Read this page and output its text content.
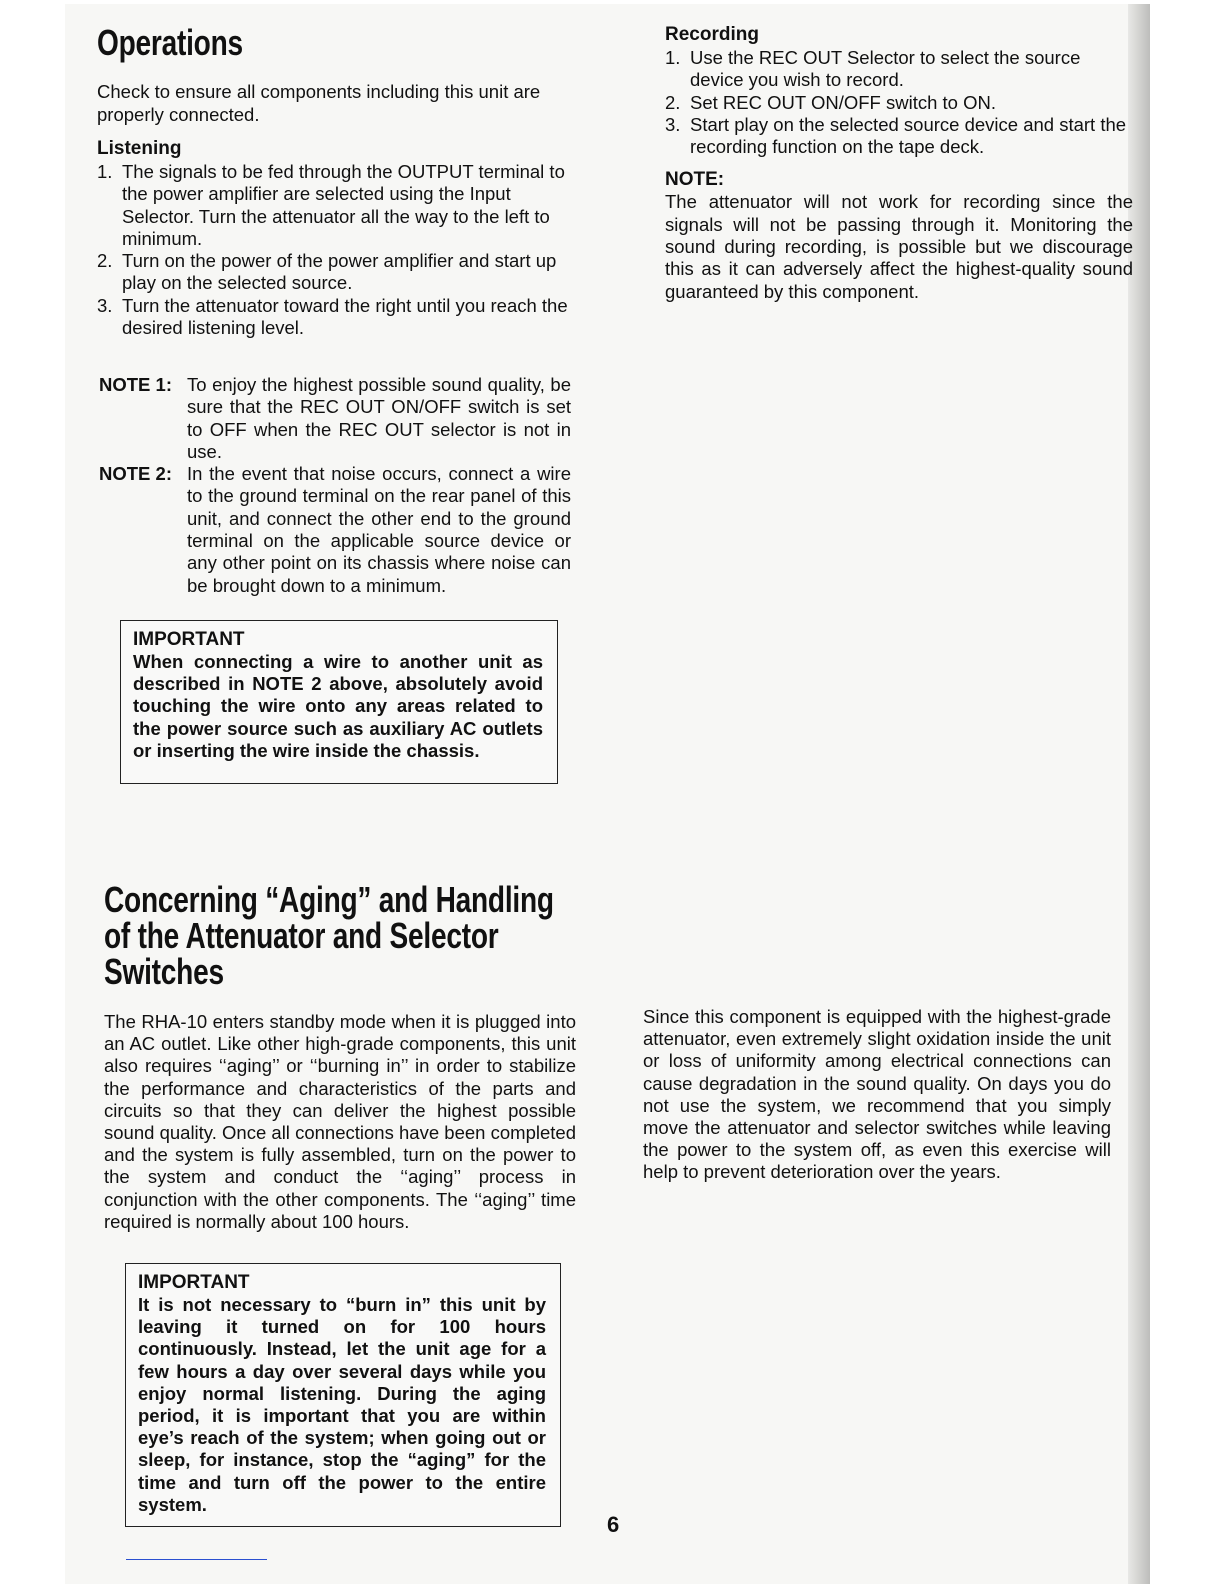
Operations

Check to ensure all components including this unit are properly connected.

Listening
1. The signals to be fed through the OUTPUT terminal to the power amplifier are selected using the Input Selector. Turn the attenuator all the way to the left to minimum.
2. Turn on the power of the power amplifier and start up play on the selected source.
3. Turn the attenuator toward the right until you reach the desired listening level.
NOTE 1: To enjoy the highest possible sound quality, be sure that the REC OUT ON/OFF switch is set to OFF when the REC OUT selector is not in use.
NOTE 2: In the event that noise occurs, connect a wire to the ground terminal on the rear panel of this unit, and connect the other end to the ground terminal on the applicable source device or any other point on its chassis where noise can be brought down to a minimum.
IMPORTANT
When connecting a wire to another unit as described in NOTE 2 above, absolutely avoid touching the wire onto any areas related to the power source such as auxiliary AC outlets or inserting the wire inside the chassis.
Recording
1. Use the REC OUT Selector to select the source device you wish to record.
2. Set REC OUT ON/OFF switch to ON.
3. Start play on the selected source device and start the recording function on the tape deck.
NOTE:

The attenuator will not work for recording since the signals will not be passing through it. Monitoring the sound during recording, is possible but we discourage this as it can adversely affect the highest-quality sound guaranteed by this component.

Concerning “Aging” and Handling
of the Attenuator and Selector
Switches

The RHA-10 enters standby mode when it is plugged into an AC outlet. Like other high-grade components, this unit also requires ‘‘aging’’ or ‘‘burning in’’ in order to stabilize the performance and characteristics of the parts and circuits so that they can deliver the highest possible sound quality. Once all connections have been completed and the system is fully assembled, turn on the power to the system and conduct the ‘‘aging’’ process in conjunction with the other components. The ‘‘aging’’ time required is normally about 100 hours.

Since this component is equipped with the highest-grade attenuator, even extremely slight oxidation inside the unit or loss of uniformity among electrical connections can cause degradation in the sound quality. On days you do not use the system, we recommend that you simply move the attenuator and selector switches while leaving the power to the system off, as even this exercise will help to prevent deterioration over the years.

IMPORTANT
It is not necessary to “burn in” this unit by leaving it turned on for 100 hours continuously. Instead, let the unit age for a few hours a day over several days while you enjoy normal listening. During the aging period, it is important that you are within eye’s reach of the system; when going out or sleep, for instance, stop the “aging” for the time and turn off the power to the entire system.
6
